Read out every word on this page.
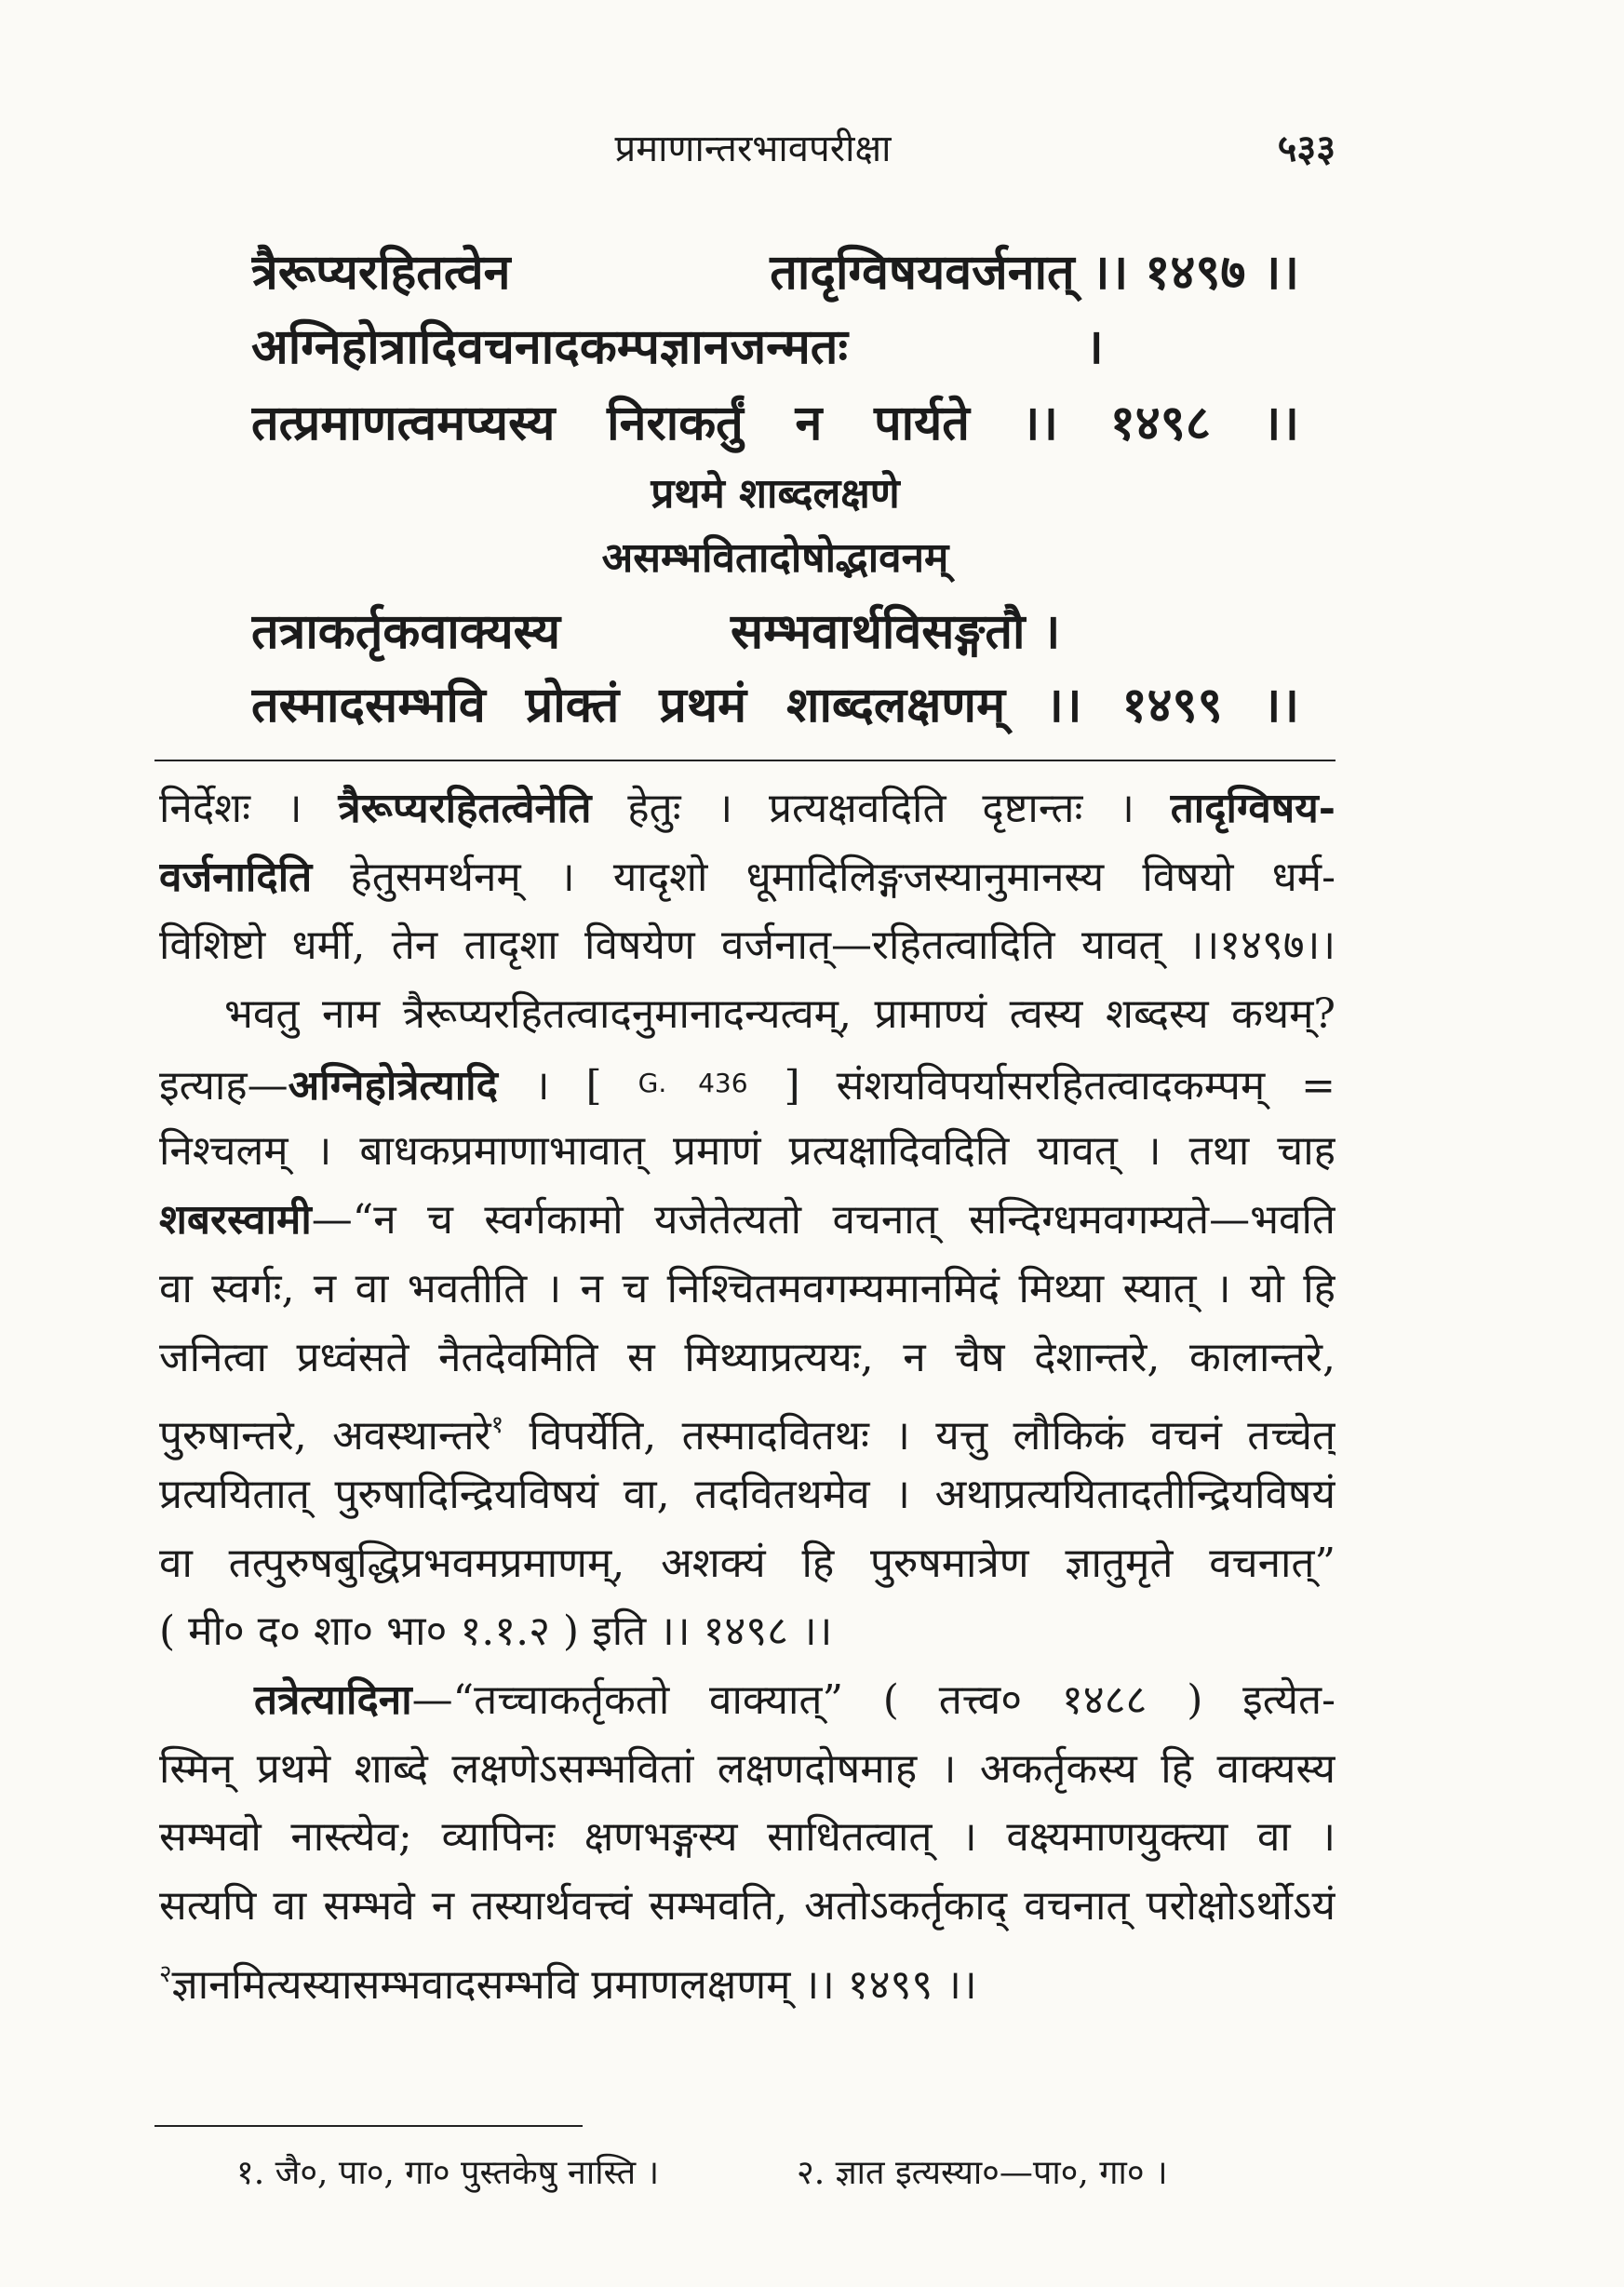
प्रमाणान्तरभावपरीक्षा	५३३
त्रैरूप्यरहितत्वेन	तादृग्विषयवर्जनात् ।। १४९७ ।।
अग्निहोत्रादिवचनादकम्पज्ञानजन्मतः	।
तत्प्रमाणत्वमप्यस्य निराकर्तुं न पार्यते ।। १४९८ ।।
प्रथमे शाब्दलक्षणे
असम्भवितादोषोद्भावनम्
तत्राकर्तृकवाक्यस्य	सम्भवार्थविसङ्गतौ ।
तस्मादसम्भवि प्रोक्तं प्रथमं शाब्दलक्षणम् ।। १४९९ ।।
निर्देशः । त्रैरूप्यरहितत्वेनेति हेतुः । प्रत्यक्षवदिति दृष्टान्तः । तादृग्विषय-
वर्जनादिति हेतुसमर्थनम् । यादृशो धूमादिलिङ्गजस्यानुमानस्य विषयो धर्म-
विशिष्टो धर्मी, तेन तादृशा विषयेण वर्जनात्—रहितत्वादिति यावत् ।।१४९७।।
भवतु नाम त्रैरूप्यरहितत्वादनुमानादन्यत्वम्, प्रामाण्यं त्वस्य शब्दस्य कथम्?
इत्याह—अग्निहोत्रेत्यादि । [ G. 436 ] संशयविपर्यासरहितत्वादकम्पम् =
निश्चलम् । बाधकप्रमाणाभावात् प्रमाणं प्रत्यक्षादिवदिति यावत् । तथा चाह
शबरस्वामी—“न च स्वर्गकामो यजेतेत्यतो वचनात् सन्दिग्धमवगम्यते—भवति
वा स्वर्गः, न वा भवतीति । न च निश्चितमवगम्यमानमिदं मिथ्या स्यात् । यो हि
जनित्वा प्रध्वंसते नैतदेवमिति स मिथ्याप्रत्ययः, न चैष देशान्तरे, कालान्तरे,
पुरुषान्तरे, अवस्थान्तरे$^१$ विपर्येति, तस्मादवितथः । यत्तु लौकिकं वचनं तच्चेत्
प्रत्ययितात् पुरुषादिन्द्रियविषयं वा, तदवितथमेव । अथाप्रत्ययितादतीन्द्रियविषयं
वा तत्पुरुषबुद्धिप्रभवमप्रमाणम्, अशक्यं हि पुरुषमात्रेण ज्ञातुमृते वचनात्”
( मी० द० शा० भा० १.१.२ ) इति ।। १४९८ ।।
तत्रेत्यादिना—“तच्चाकर्तृकतो वाक्यात्” ( तत्त्व० १४८८ ) इत्येत-
स्मिन् प्रथमे शाब्दे लक्षणेऽसम्भवितां लक्षणदोषमाह । अकर्तृकस्य हि वाक्यस्य
सम्भवो नास्त्येव; व्यापिनः क्षणभङ्गस्य साधितत्वात् । वक्ष्यमाणयुक्त्या वा ।
सत्यपि वा सम्भवे न तस्यार्थवत्त्वं सम्भवति, अतोऽकर्तृकाद् वचनात् परोक्षोऽर्थोऽयं
$^२$ज्ञानमित्यस्यासम्भवादसम्भवि प्रमाणलक्षणम् ।। १४९९ ।।
१. जै०, पा०, गा० पुस्तकेषु नास्ति ।	२. ज्ञात इत्यस्या०—पा०, गा० ।
